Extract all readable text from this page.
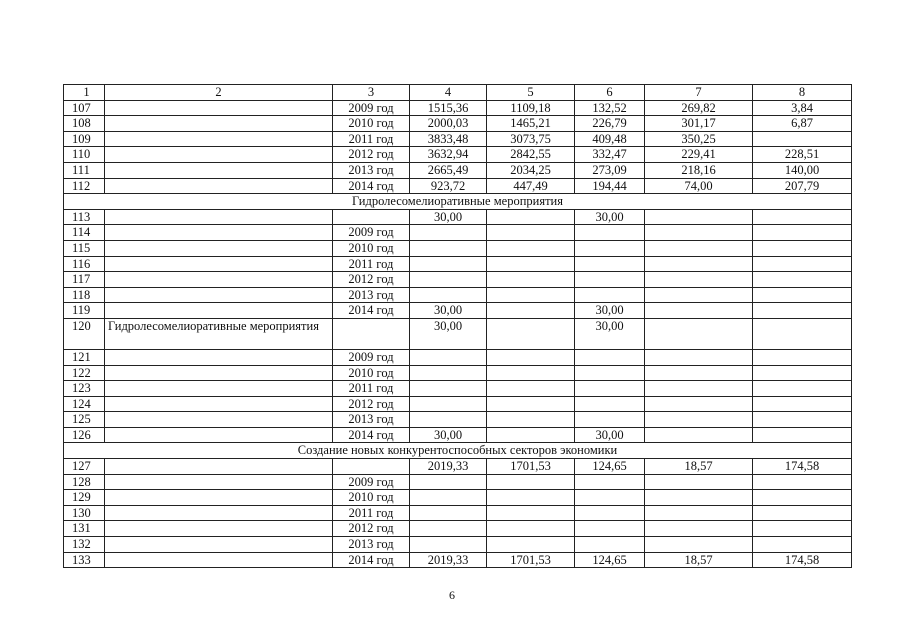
1	2	3	4	5	6	7	8
107		2009 год	1515,36	1109,18	132,52	269,82	3,84
108		2010 год	2000,03	1465,21	226,79	301,17	6,87
109		2011 год	3833,48	3073,75	409,48	350,25	
110		2012 год	3632,94	2842,55	332,47	229,41	228,51
111		2013 год	2665,49	2034,25	273,09	218,16	140,00
112		2014 год	923,72	447,49	194,44	74,00	207,79
Гидролесомелиоративные мероприятия							
113			30,00		30,00		
114		2009 год					
115		2010 год					
116		2011 год					
117		2012 год					
118		2013 год					
119		2014 год	30,00		30,00		
120	Гидролесомелиоративные мероприятия		30,00		30,00		
121		2009 год					
122		2010 год					
123		2011 год					
124		2012 год					
125		2013 год					
126		2014 год	30,00		30,00		
Создание новых конкурентоспособных секторов экономики							
127			2019,33	1701,53	124,65	18,57	174,58
128		2009 год					
129		2010 год					
130		2011 год					
131		2012 год					
132		2013 год					
133		2014 год	2019,33	1701,53	124,65	18,57	174,58
6
